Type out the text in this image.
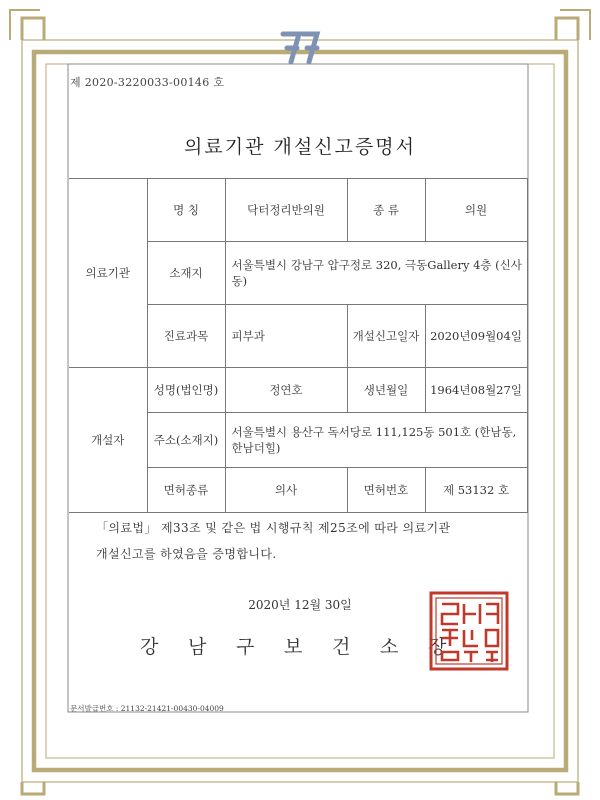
제 2020-3220033-00146 호
의료기관 개설신고증명서
의료기관	명 칭	닥터정리반의원	종 류	의원
	소재지	서울특별시 강남구 압구정로 320, 극동Gallery 4층 (신사동)		
	진료과목	피부과	개설신고일자	2020년09월04일
개설자	성명(법인명)	정연호	생년월일	1964년08월27일
	주소(소재지)	서울특별시 용산구 독서당로 111,125동 501호 (한남동,한남더힐)		
	면허종류	의사	면허번호	제 53132 호
「의료법」 제33조 및 같은 법 시행규칙 제25조에 따라 의료기관
개설신고를 하였음을 증명합니다.
2020년 12월 30일
강 남 구 보 건 소 장
문서발급번호 : 21132-21421-00430-04009
